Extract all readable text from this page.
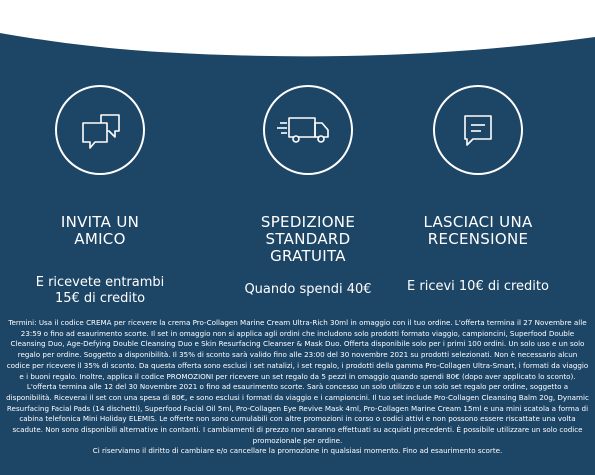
INVITA UN
AMICO
E ricevete entrambi
15€ di credito
SPEDIZIONE
STANDARD
GRATUITA
Quando spendi 40€
LASCIACI UNA
RECENSIONE
E ricevi 10€ di credito

Termini: Usa il codice CREMA per ricevere la crema Pro-Collagen Marine Cream Ultra-Rich 30ml in omaggio con il tuo ordine. L'offerta termina il 27 Novembre alle 23:59 o fino ad esaurimento scorte. Il set in omaggio non si applica agli ordini che includono solo prodotti formato viaggio, campioncini, Superfood Double Cleansing Duo, Age-Defying Double Cleansing Duo e Skin Resurfacing Cleanser & Mask Duo. Offerta disponibile solo per i primi 100 ordini. Un solo uso e un solo regalo per ordine. Soggetto a disponibilità. Il 35% di sconto sarà valido fino alle 23:00 del 30 novembre 2021 su prodotti selezionati. Non è necessario alcun codice per ricevere il 35% di sconto. Da questa offerta sono esclusi i set natalizi, i set regalo, i prodotti della gamma Pro-Collagen Ultra-Smart, i formati da viaggio e i buoni regalo. Inoltre, applica il codice PROMOZIONI per ricevere un set regalo da 5 pezzi in omaggio quando spendi 80€ (dopo aver applicato lo sconto). L'offerta termina alle 12 del 30 Novembre 2021 o fino ad esaurimento scorte. Sarà concesso un solo utilizzo e un solo set regalo per ordine, soggetto a disponibilità. Riceverai il set con una spesa di 80€, e sono esclusi i formati da viaggio e i campioncini. Il tuo set include Pro-Collagen Cleansing Balm 20g, Dynamic Resurfacing Facial Pads (14 dischetti), Superfood Facial Oil 5ml, Pro-Collagen Eye Revive Mask 4ml, Pro-Collagen Marine Cream 15ml e una mini scatola a forma di cabina telefonica Mini Holiday ELEMIS. Le offerte non sono cumulabili con altre promozioni in corso o codici attivi e non possono essere riscattate una volta scadute. Non sono disponibili alternative in contanti. I cambiamenti di prezzo non saranno effettuati su acquisti precedenti. È possibile utilizzare un solo codice promozionale per ordine.

Ci riserviamo il diritto di cambiare e/o cancellare la promozione in qualsiasi momento. Fino ad esaurimento scorte.
